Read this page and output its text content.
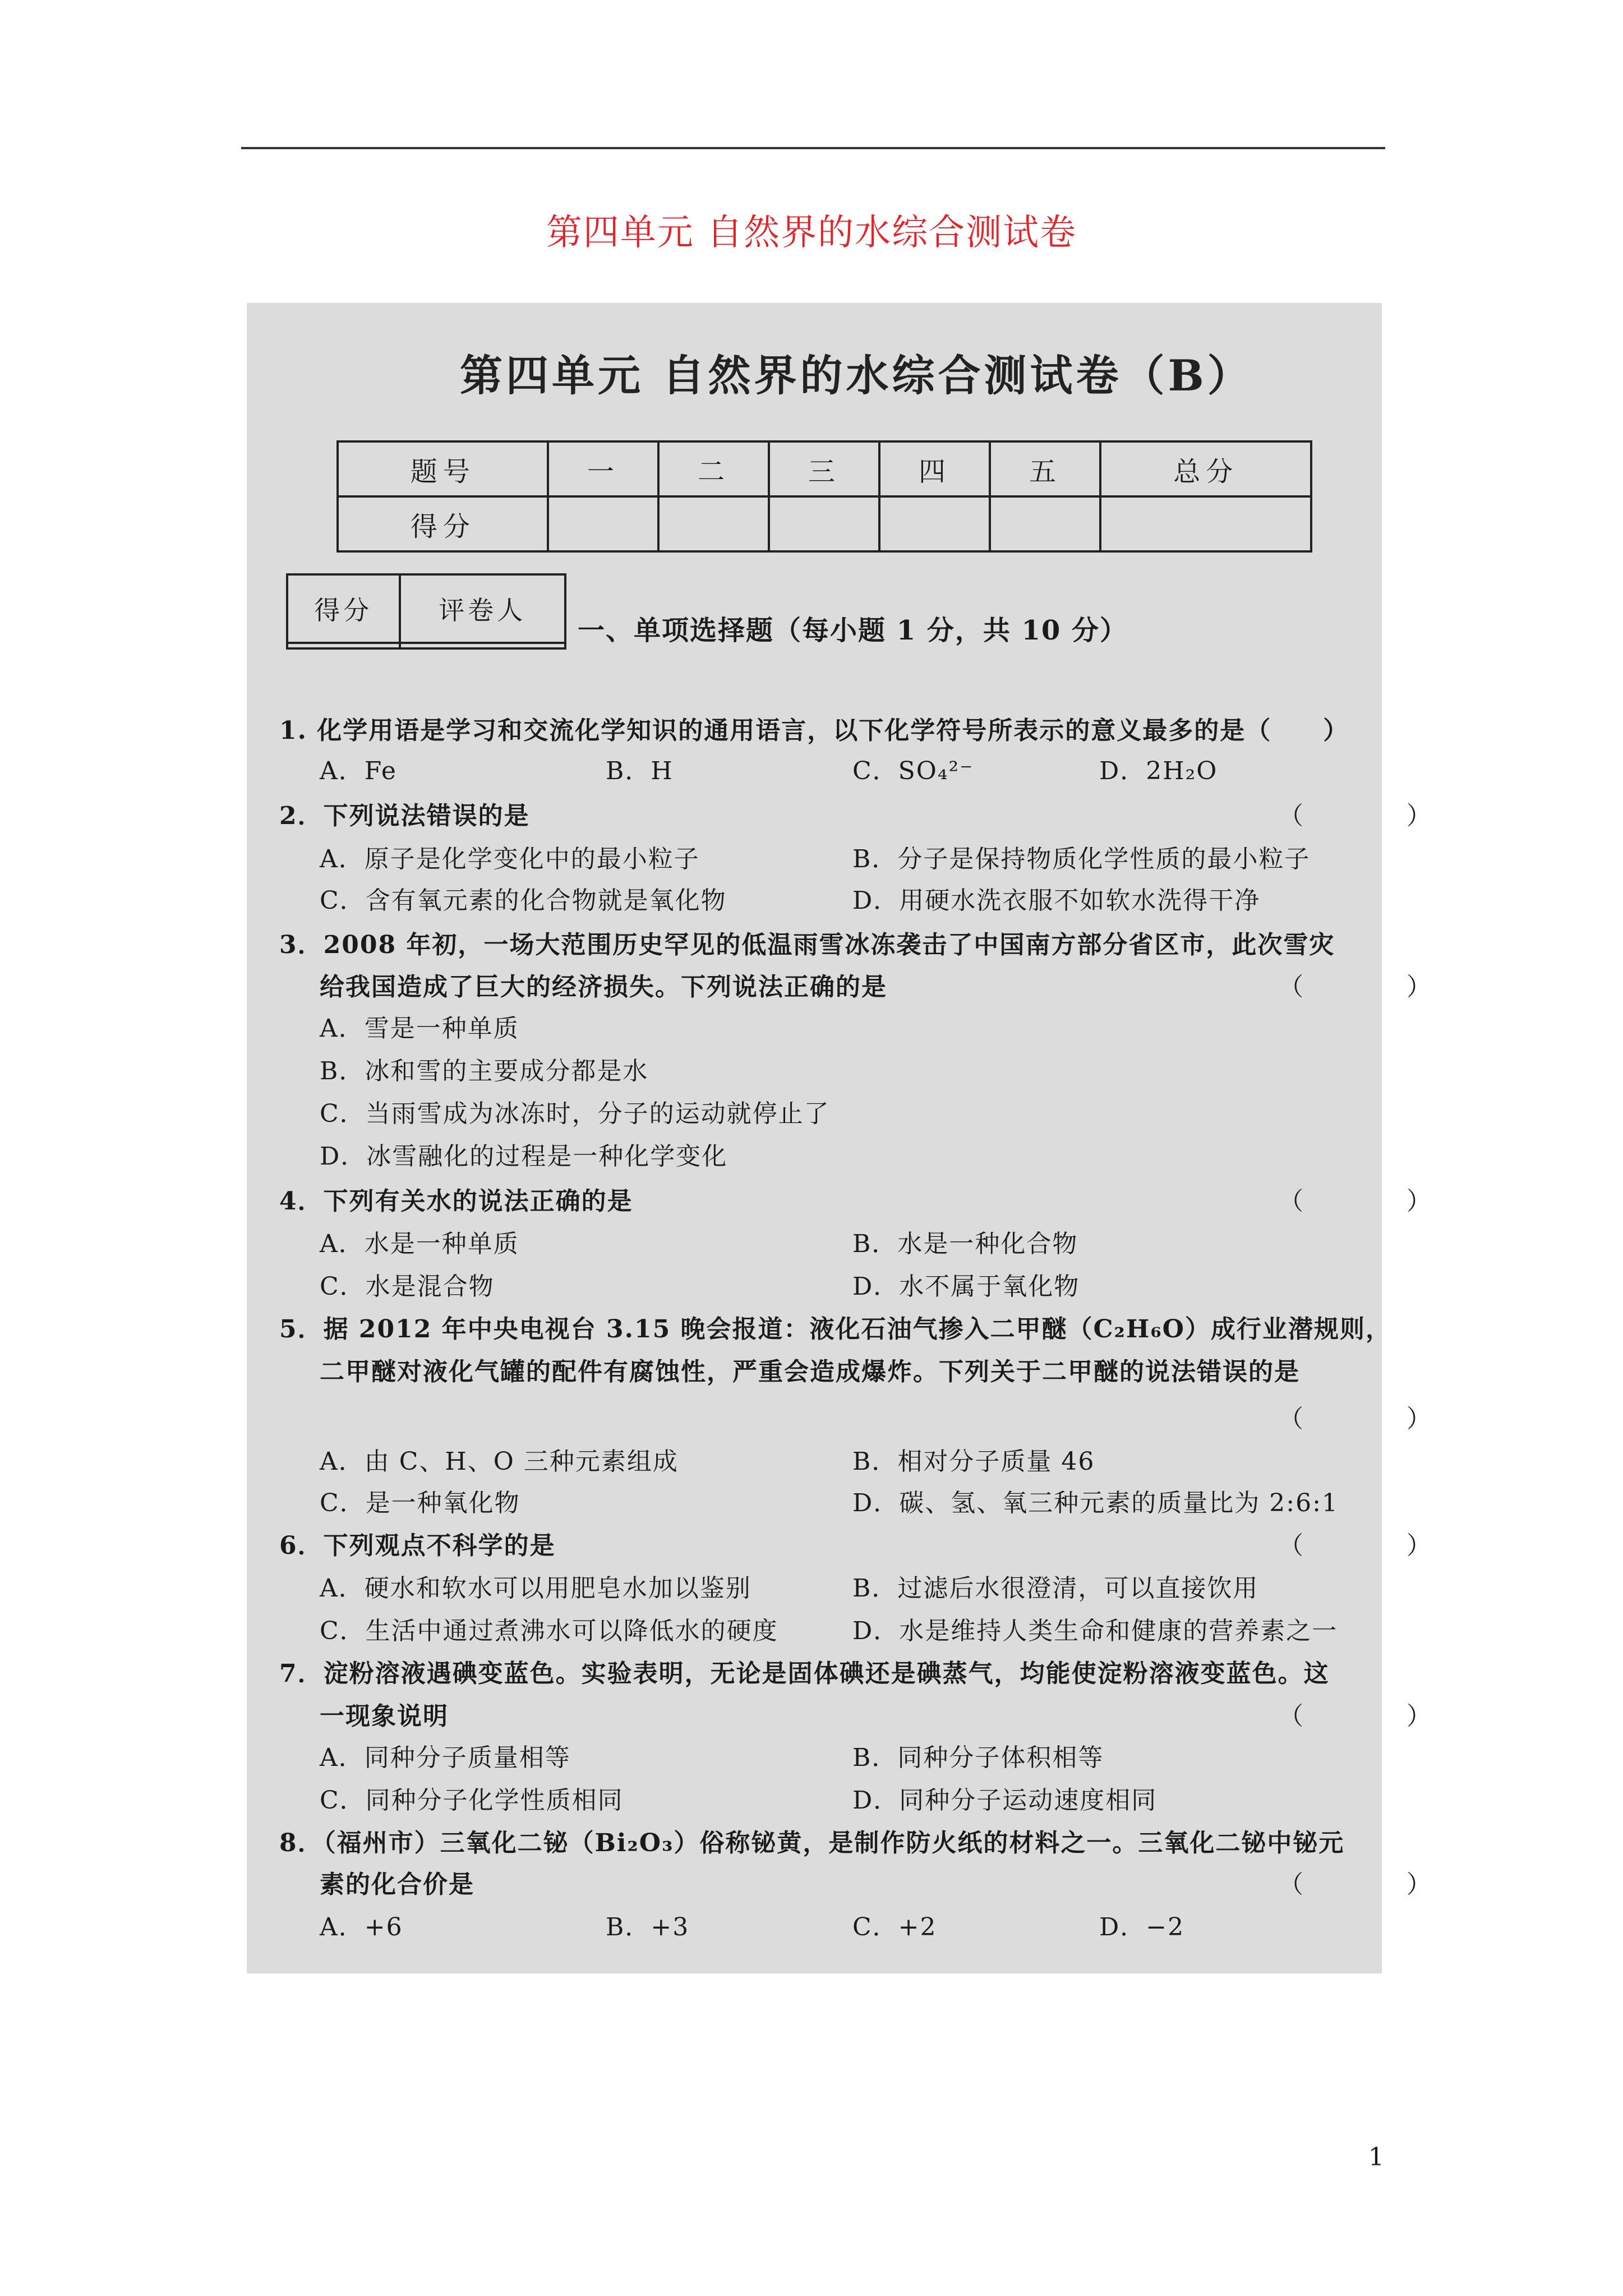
第四单元 自然界的水综合测试卷
第四单元 自然界的水综合测试卷（B）
题号	一	二	三	四	五	总分
得分						
得分	评卷人

一、单项选择题（每小题 1 分，共 10 分）
1. 化学用语是学习和交流化学知识的通用语言，以下化学符号所表示的意义最多的是（　　）
A．Fe	B．H	C．SO₄²⁻	D．2H₂O
2．下列说法错误的是	（　）
A．原子是化学变化中的最小粒子	B．分子是保持物质化学性质的最小粒子
C．含有氧元素的化合物就是氧化物	D．用硬水洗衣服不如软水洗得干净
3．2008 年初，一场大范围历史罕见的低温雨雪冰冻袭击了中国南方部分省区市，此次雪灾
给我国造成了巨大的经济损失。下列说法正确的是	（　）
A．雪是一种单质
B．冰和雪的主要成分都是水
C．当雨雪成为冰冻时，分子的运动就停止了
D．冰雪融化的过程是一种化学变化
4．下列有关水的说法正确的是	（　）
A．水是一种单质	B．水是一种化合物
C．水是混合物	D．水不属于氧化物
5．据 2012 年中央电视台 3.15 晚会报道：液化石油气掺入二甲醚（C₂H₆O）成行业潜规则，
二甲醚对液化气罐的配件有腐蚀性，严重会造成爆炸。下列关于二甲醚的说法错误的是
（　）
A．由 C、H、O 三种元素组成	B．相对分子质量 46
C．是一种氧化物	D．碳、氢、氧三种元素的质量比为 2:6:1
6．下列观点不科学的是	（　）
A．硬水和软水可以用肥皂水加以鉴别	B．过滤后水很澄清，可以直接饮用
C．生活中通过煮沸水可以降低水的硬度	D．水是维持人类生命和健康的营养素之一
7．淀粉溶液遇碘变蓝色。实验表明，无论是固体碘还是碘蒸气，均能使淀粉溶液变蓝色。这
一现象说明	（　）
A．同种分子质量相等	B．同种分子体积相等
C．同种分子化学性质相同	D．同种分子运动速度相同
8．（福州市）三氧化二铋（Bi₂O₃）俗称铋黄，是制作防火纸的材料之一。三氧化二铋中铋元
素的化合价是	（　）
A．+6	B．+3	C．+2	D．−2
1
